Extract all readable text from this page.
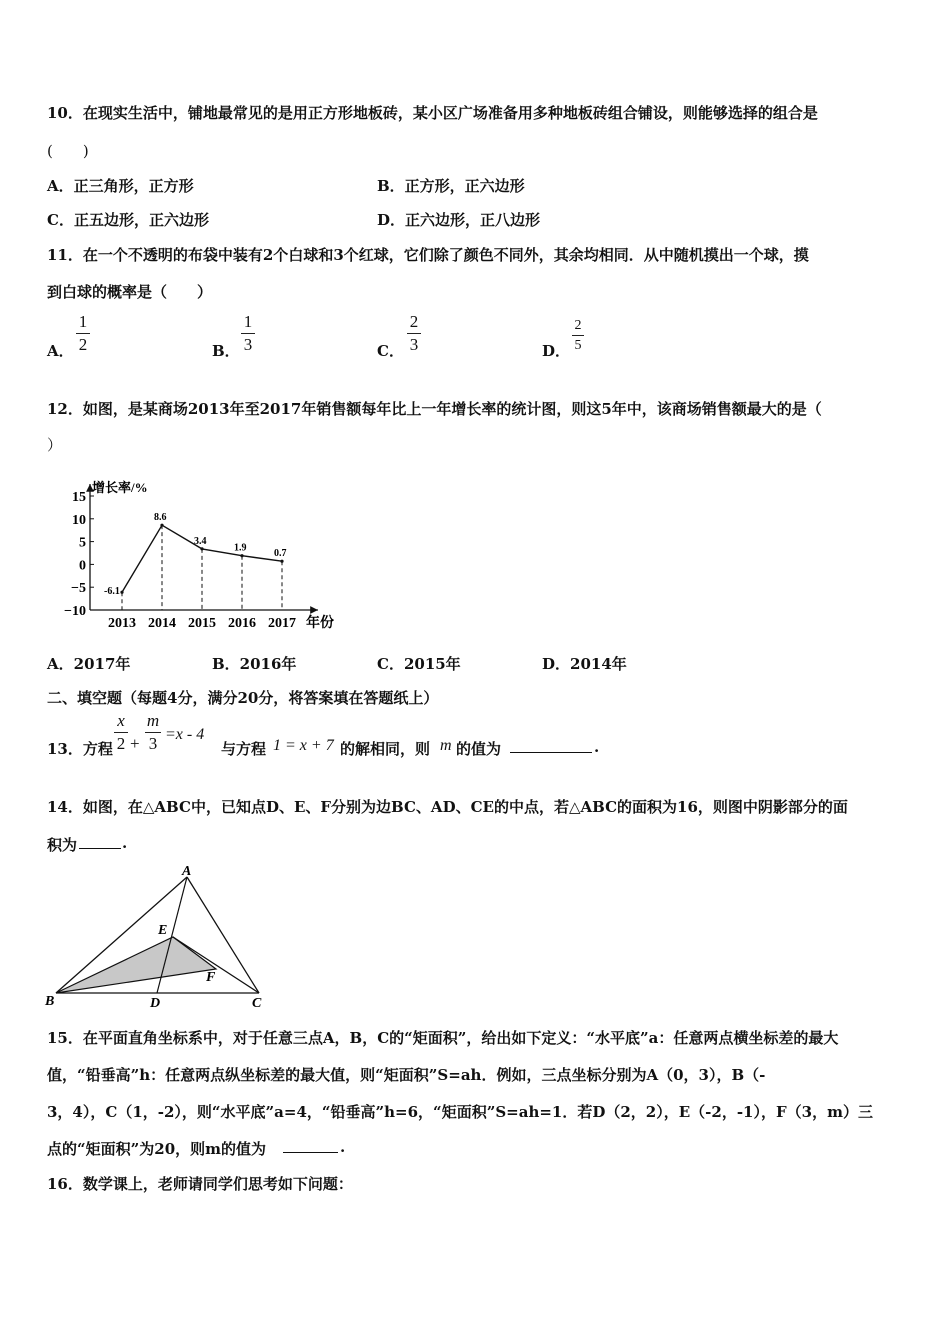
10．在现实生活中，铺地最常见的是用正方形地板砖，某小区广场准备用多种地板砖组合铺设，则能够选择的组合是
(　　)
A．正三角形，正方形	B．正方形，正六边形
C．正五边形，正六边形	D．正六边形，正八边形
11．在一个不透明的布袋中装有2个白球和3个红球，它们除了颜色不同外，其余均相同．从中随机摸出一个球，摸
到白球的概率是（　　）
A．
1
2	B．
1
3	C．
2
3	D．
2
5
12．如图，是某商场2013年至2017年销售额每年比上一年增长率的统计图，则这5年中，该商场销售额最大的是（
）
增长率/%
15
10
5
0
−5
−10
-6.1
8.6
3.4
1.9	0.7
2013 2014 2015 2016 2017 年份
A．2017年	B．2016年	C．2015年	D．2014年
二、填空题（每题4分，满分20分，将答案填在答题纸上）
13．方程
x
2 +
m
3 =x - 4
与方程 1 = x + 7 的解相同，则 m 的值为	.
14．如图，在△ABC中，已知点D、E、F分别为边BC、AD、CE的中点，若△ABC的面积为16，则图中阴影部分的面
积为	.
A
B	C
D
E
F
15．在平面直角坐标系中，对于任意三点A，B，C的“矩面积”，给出如下定义：“水平底”a：任意两点横坐标差的最大
值，“铅垂高”h：任意两点纵坐标差的最大值，则“矩面积”S=ah．例如，三点坐标分别为A（0，3），B（-
3，4），C（1，-2），则“水平底”a=4，“铅垂高”h=6，“矩面积”S=ah=1．若D（2，2），E（-2，-1），F（3，m）三
点的“矩面积”为20，则m的值为	.
16．数学课上，老师请同学们思考如下问题：
